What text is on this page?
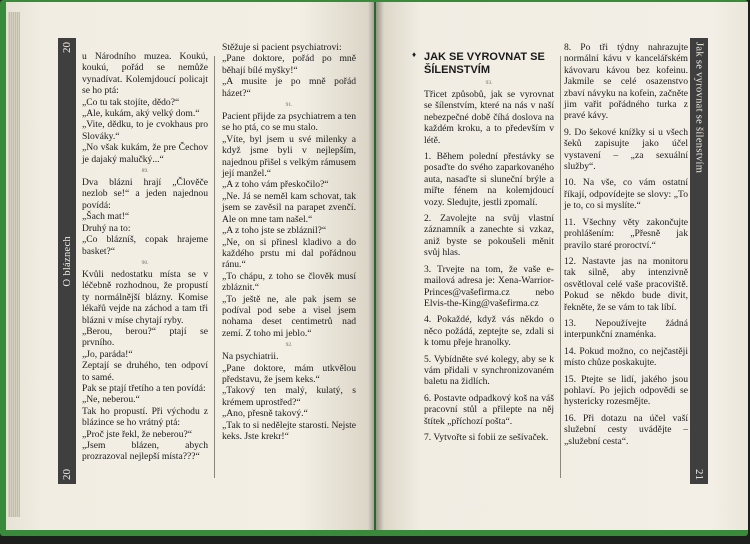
20
O bláznech
20
Jak se vyrovnat se šílenstvím
21

u Národního muzea. Koukú, koukú, pořád se nemůže vynadívat. Kolemjdoucí policajt se ho ptá:

„Co tu tak stojíte, dědo?“

„Ale, kukám, aký velký dom.“

„Vite, dědku, to je cvokhaus pro Slováky.“

„No však kukám, že pre Čechov je dajaký malučký...“

89.

Dva blázni hrají „Člověče nezlob se!“ a jeden najednou povídá:

„Šach mat!“

Druhý na to:

„Co blázníš, copak hrajeme basket?“

90.

Kvůli nedostatku místa se v léčebně rozhodnou, že propustí ty normálnější blázny. Komise lékařů vejde na záchod a tam tři blázni v míse chytají ryby.

„Berou, berou?“ ptají se prvního.

„Jo, paráda!“

Zeptají se druhého, ten odpoví to samé.

Pak se ptají třetího a ten povídá:

„Ne, neberou.“

Tak ho propustí. Při východu z blázince se ho vrátný ptá:

„Proč jste řekl, že neberou?“

„Jsem blázen, abych prozrazoval nejlepší místa???“

Stěžuje si pacient psychiatrovi:

„Pane doktore, pořád po mně běhají bílé myšky!“

„A musite je po mně pořád házet?“

91.

Pacient přijde za psychiatrem a ten se ho ptá, co se mu stalo.

„Víte, byl jsem u své milenky a když jsme byli v nejlepším, najednou přišel s velkým rámusem její manžel.“

„A z toho vám přeskočilo?“

„Ne. Já se neměl kam schovat, tak jsem se zavěsil na parapet zvenčí. Ale on mne tam našel.“

„A z toho jste se zbláznil?“

„Ne, on si přinesl kladivo a do každého prstu mi dal pořádnou ránu.“

„To chápu, z toho se člověk musí zbláznit.“

„To ještě ne, ale pak jsem se podíval pod sebe a visel jsem nohama deset centimetrů nad zemí. Z toho mi jeblo.“

92.

Na psychiatrii.

„Pane doktore, mám utkvělou představu, že jsem keks.“

„Takový ten malý, kulatý, s krémem uprostřed?“

„Ano, přesně takový.“

„Tak to si nedělejte starosti. Nejste keks. Jste krekr!“

♦ JAK SE VYROVNAT SE ŠÍLENSTVÍM

93.

Třicet způsobů, jak se vyrovnat se šílenstvím, které na nás v naší nebezpečné době číhá doslova na každém kroku, a to především v létě.

1. Během polední přestávky se posaďte do svého zaparkovaného auta, nasaďte si sluneční brýle a miřte fénem na kolemjdoucí vozy. Sledujte, jestli zpomalí.

2. Zavolejte na svůj vlastní záznamník a zanechte si vzkaz, aniž byste se pokoušeli měnit svůj hlas.

3. Trvejte na tom, že vaše e-mailová adresa je: Xena-Warrior-Princes@vašefirma.cz nebo Elvis-the-King@vašefirma.cz

4. Pokaždé, když vás někdo o něco požádá, zeptejte se, zdali si k tomu přeje hranolky.

5. Vybídněte své kolegy, aby se k vám přidali v synchronizovaném baletu na židlích.

6. Postavte odpadkový koš na váš pracovní stůl a přilepte na něj štítek „příchozí pošta“.

7. Vytvořte si fobii ze sešívaček.

8. Po tři týdny nahrazujte normální kávu v kancelářském kávovaru kávou bez kofeinu. Jakmile se celé osazenstvo zbaví návyku na kofein, začněte jim vařit pořádného turka z pravé kávy.

9. Do šekové knížky si u všech šeků zapisujte jako účel vystavení – „za sexuální služby“.

10. Na vše, co vám ostatní říkají, odpovídejte se slovy: „To je to, co si myslíte.“

11. Všechny věty zakončujte prohlášením: „Přesně jak pravilo staré proroctví.“

12. Nastavte jas na monitoru tak silně, aby intenzivně osvětloval celé vaše pracoviště. Pokud se někdo bude divit, řekněte, že se vám to tak líbí.

13. Nepoužívejte žádná interpunkční znaménka.

14. Pokud možno, co nejčastěji místo chůze poskakujte.

15. Ptejte se lidí, jakého jsou pohlaví. Po jejich odpovědi se hystericky rozesmějte.

16. Při dotazu na účel vaší služební cesty uvádějte – „služební cesta“.
